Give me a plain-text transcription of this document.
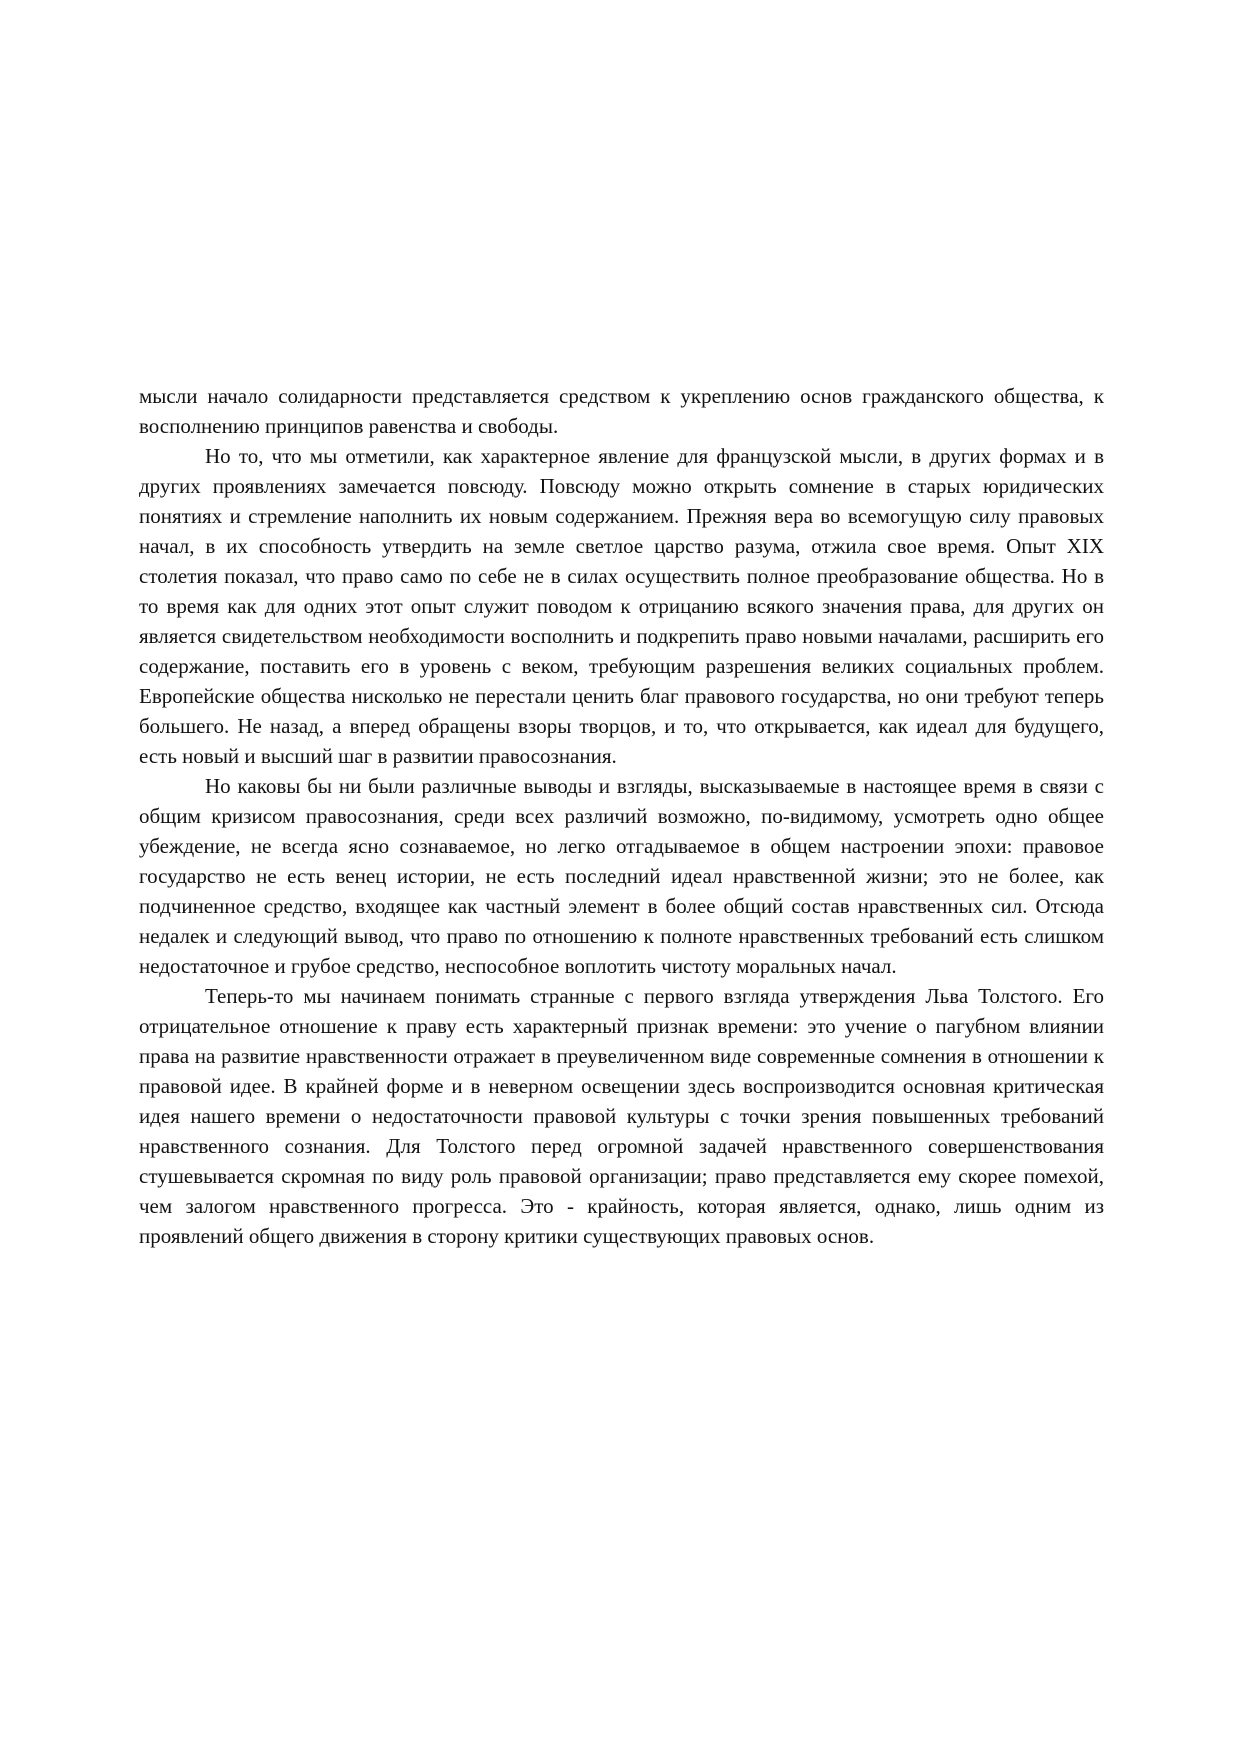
мысли начало солидарности представляется средством к укреплению основ гражданского общества, к восполнению принципов равенства и свободы.

Но то, что мы отметили, как характерное явление для французской мысли, в других формах и в других проявлениях замечается повсюду. Повсюду можно открыть сомнение в старых юридических понятиях и стремление наполнить их новым содержанием. Прежняя вера во всемогущую силу правовых начал, в их способность утвердить на земле светлое царство разума, отжила свое время. Опыт XIX столетия показал, что право само по себе не в силах осуществить полное преобразование общества. Но в то время как для одних этот опыт служит поводом к отрицанию всякого значения права, для других он является свидетельством необходимости восполнить и подкрепить право новыми началами, расширить его содержание, поставить его в уровень с веком, требующим разрешения великих социальных проблем. Европейские общества нисколько не перестали ценить благ правового государства, но они требуют теперь большего. Не назад, а вперед обращены взоры творцов, и то, что открывается, как идеал для будущего, есть новый и высший шаг в развитии правосознания.

Но каковы бы ни были различные выводы и взгляды, высказываемые в настоящее время в связи с общим кризисом правосознания, среди всех различий возможно, по-видимому, усмотреть одно общее убеждение, не всегда ясно сознаваемое, но легко отгадываемое в общем настроении эпохи: правовое государство не есть венец истории, не есть последний идеал нравственной жизни; это не более, как подчиненное средство, входящее как частный элемент в более общий состав нравственных сил. Отсюда недалек и следующий вывод, что право по отношению к полноте нравственных требований есть слишком недостаточное и грубое средство, неспособное воплотить чистоту моральных начал.

Теперь-то мы начинаем понимать странные с первого взгляда утверждения Льва Толстого. Его отрицательное отношение к праву есть характерный признак времени: это учение о пагубном влиянии права на развитие нравственности отражает в преувеличенном виде современные сомнения в отношении к правовой идее. В крайней форме и в неверном освещении здесь воспроизводится основная критическая идея нашего времени о недостаточности правовой культуры с точки зрения повышенных требований нравственного сознания. Для Толстого перед огромной задачей нравственного совершенствования стушевывается скромная по виду роль правовой организации; право представляется ему скорее помехой, чем залогом нравственного прогресса. Это - крайность, которая является, однако, лишь одним из проявлений общего движения в сторону критики существующих правовых основ.
